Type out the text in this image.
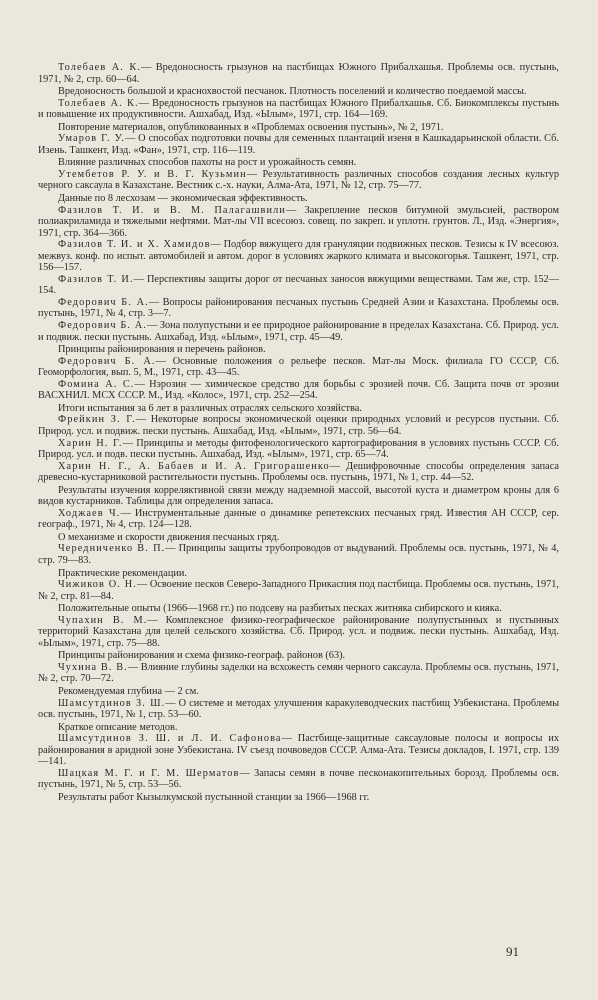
Толебаев А. К.— Вредоносность грызунов на пастбищах Южного Прибалхашья. Проблемы осв. пустынь, 1971, № 2, стр. 60—64.

Вредоносность большой и краснохвостой песчанок. Плотность поселений и количество поедаемой массы.

Толебаев А. К.— Вредоносность грызунов на пастбищах Южного Прибалхашья. Сб. Биокомплексы пустынь и повышение их продуктивности. Ашхабад, Изд. «Ылым», 1971, стр. 164—169.

Повторение материалов, опубликованных в «Проблемах освоения пустынь», № 2, 1971.

Умаров Г. У.— О способах подготовки почвы для семенных плантаций изеня в Кашкадарьинской области. Сб. Изень. Ташкент, Изд. «Фан», 1971, стр. 116—119.

Влияние различных способов пахоты на рост и урожайность семян.

Утембетов Р. У. и В. Г. Кузьмин— Результативность различных способов создания лесных культур черного саксаула в Казахстане. Вестник с.-х. науки, Алма-Ата, 1971, № 12, стр. 75—77.

Данные по 8 лесхозам — экономическая эффективность.

Фазилов Т. И. и В. М. Палагашвили— Закрепление песков битумной эмульсией, раствором полиакриламида и тяжелыми нефтями. Мат-лы VII всесоюз. совещ. по закреп. и уплотн. грунтов. Л., Изд. «Энергия», 1971, стр. 364—366.

Фазилов Т. И. и Х. Хамидов— Подбор вяжущего для грануляции подвижных песков. Тезисы к IV всесоюз. межвуз. конф. по испыт. автомобилей и автом. дорог в условиях жаркого климата и высокогорья. Ташкент, 1971, стр. 156—157.

Фазилов Т. И.— Перспективы защиты дорог от песчаных заносов вяжущими веществами. Там же, стр. 152—154.

Федорович Б. А.— Вопросы районирования песчаных пустынь Средней Азии и Казахстана. Проблемы осв. пустынь, 1971, № 4, стр. 3—7.

Федорович Б. А.— Зона полупустыни и ее природное районирование в пределах Казахстана. Сб. Природ. усл. и подвиж. пески пустынь. Ашхабад, Изд. «Ылым», 1971, стр. 45—49.

Принципы районирования и перечень районов.

Федорович Б. А.— Основные положения о рельефе песков. Мат-лы Моск. филиала ГО СССР, Сб. Геоморфология, вып. 5, М., 1971, стр. 43—45.

Фомина А. С.— Нэрозин — химическое средство для борьбы с эрозией почв. Сб. Защита почв от эрозии ВАСХНИЛ. МСХ СССР. М., Изд. «Колос», 1971, стр. 252—254.

Итоги испытания за 6 лет в различных отраслях сельского хозяйства.

Фрейкин З. Г.— Некоторые вопросы экономической оценки природных условий и ресурсов пустыни. Сб. Природ. усл. и подвиж. пески пустынь. Ашхабад, Изд. «Ылым», 1971, стр. 56—64.

Харин Н. Г.— Принципы и методы фитофенологического картографирования в условиях пустынь СССР. Сб. Природ. усл. и подв. пески пустынь. Ашхабад, Изд. «Ылым», 1971, стр. 65—74.

Харин Н. Г., А. Бабаев и И. А. Григорашенко— Дешифровочные способы определения запаса древесно-кустарниковой растительности пустынь. Проблемы осв. пустынь, 1971, № 1, стр. 44—52.

Результаты изучения корреляктивной связи между надземной массой, высотой куста и диаметром кроны для 6 видов кустарников. Таблицы для определения запаса.

Ходжаев Ч.— Инструментальные данные о динамике репетекских песчаных гряд. Известия АН СССР, сер. географ., 1971, № 4, стр. 124—128.

О механизме и скорости движения песчаных гряд.

Чередниченко В. П.— Принципы защиты трубопроводов от выдуваний. Проблемы осв. пустынь, 1971, № 4, стр. 79—83.

Практические рекомендации.

Чижиков О. Н.— Освоение песков Северо-Западного Прикаспия под пастбища. Проблемы осв. пустынь, 1971, № 2, стр. 81—84.

Положительные опыты (1966—1968 гг.) по подсеву на разбитых песках житняка сибирского и кияка.

Чупахин В. М.— Комплексное физико-географическое районирование полупустынных и пустынных территорий Казахстана для целей сельского хозяйства. Сб. Природ. усл. и подвиж. пески пустынь. Ашхабад, Изд. «Ылым», 1971, стр. 75—88.

Принципы районирования и схема физико-географ. районов (63).

Чухина В. В.— Влияние глубины заделки на всхожесть семян черного саксаула. Проблемы осв. пустынь, 1971, № 2, стр. 70—72.

Рекомендуемая глубина — 2 см.

Шамсутдинов З. Ш.— О системе и методах улучшения каракулеводческих пастбищ Узбекистана. Проблемы осв. пустынь, 1971, № 1, стр. 53—60.

Краткое описание методов.

Шамсутдинов З. Ш. и Л. И. Сафонова— Пастбище-защитные саксауловые полосы и вопросы их районирования в аридной зоне Узбекистана. IV съезд почвоведов СССР. Алма-Ата. Тезисы докладов, I. 1971, стр. 139—141.

Шацкая М. Г. и Г. М. Шерматов— Запасы семян в почве песконакопительных борозд. Проблемы осв. пустынь, 1971, № 5, стр. 53—56.

Результаты работ Кызылкумской пустынной станции за 1966—1968 гг.

91
